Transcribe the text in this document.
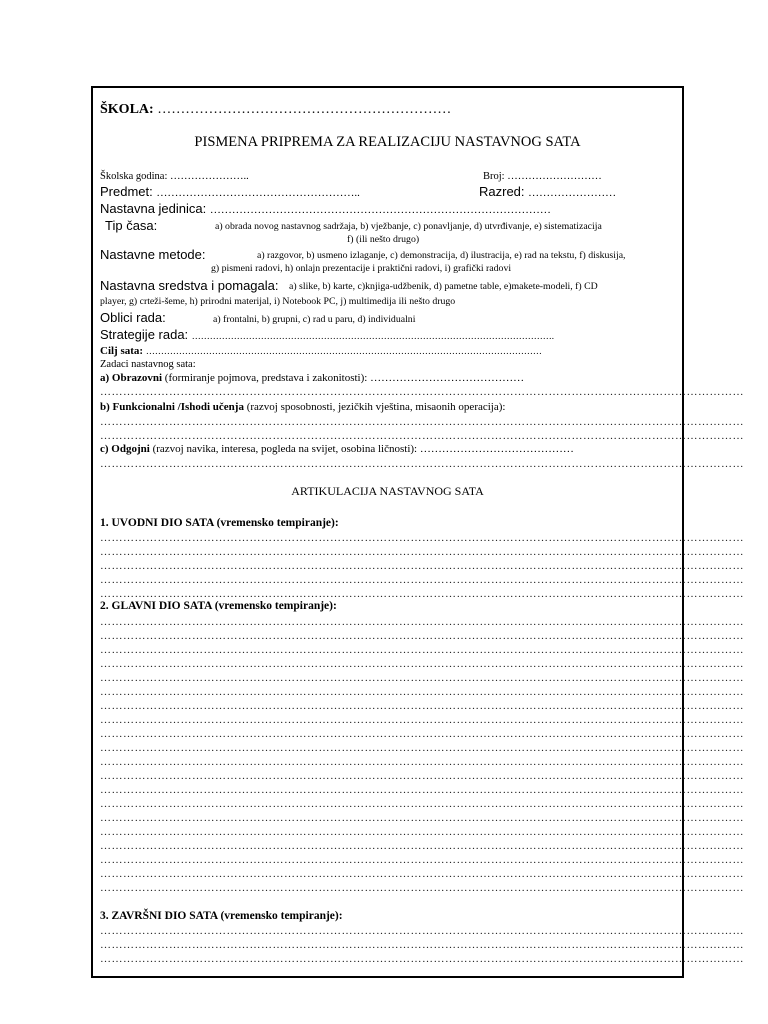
ŠKOLA: ………………………………………………………
PISMENA PRIPREMA ZA REALIZACIJU NASTAVNOG SATA
Školska godina: …………………..	Broj: ………………………
Predmet: ………………………………………………..	Razred: ……………………
Nastavna jedinica: …………………………………………………………………………………
Tip časa:	a) obrada novog nastavnog sadržaja, b) vježbanje, c) ponavljanje, d) utvrđivanje, e) sistematizacija
f) (ili nešto drugo)
Nastavne metode:	a) razgovor, b) usmeno izlaganje, c) demonstracija, d) ilustracija, e) rad na tekstu, f) diskusija,
g) pismeni radovi, h) onlajn prezentacije i praktični radovi, i) grafički radovi
Nastavna sredstva i pomagala: a) slike, b) karte, c)knjiga-udžbenik, d) pametne table, e)makete-modeli, f) CD
player, g) crteži-šeme, h) prirodni materijal, i) Notebook PC, j) multimedija ili nešto drugo
Oblici rada:	a) frontalni, b) grupni, c) rad u paru, d) individualni
Strategije rada: ………………………………………………………………………………………………………….
Cilj sata: ……………………………………………………………………………………………………………………
Zadaci nastavnog sata:
a) Obrazovni (formiranje pojmova, predstava i zakonitosti): ……………………………………
……………………………………………………………………………………………………………………………………………………
b) Funkcionalni /Ishodi učenja (razvoj sposobnosti, jezičkih vještina, misaonih operacija):
……………………………………………………………………………………………………………………………………………………
……………………………………………………………………………………………………………………………………………………
c) Odgojni (razvoj navika, interesa, pogleda na svijet, osobina ličnosti): ……………………………………
……………………………………………………………………………………………………………………………………………………
ARTIKULACIJA NASTAVNOG SATA
1. UVODNI DIO SATA (vremensko tempiranje):
……………………………………………………………………………………………………………………………………………………
……………………………………………………………………………………………………………………………………………………
……………………………………………………………………………………………………………………………………………………
……………………………………………………………………………………………………………………………………………………
……………………………………………………………………………………………………………………………………………………
2. GLAVNI DIO SATA (vremensko tempiranje):
……………………………………………………………………………………………………………………………………………………
……………………………………………………………………………………………………………………………………………………
……………………………………………………………………………………………………………………………………………………
……………………………………………………………………………………………………………………………………………………
……………………………………………………………………………………………………………………………………………………
……………………………………………………………………………………………………………………………………………………
……………………………………………………………………………………………………………………………………………………
……………………………………………………………………………………………………………………………………………………
……………………………………………………………………………………………………………………………………………………
……………………………………………………………………………………………………………………………………………………
……………………………………………………………………………………………………………………………………………………
……………………………………………………………………………………………………………………………………………………
……………………………………………………………………………………………………………………………………………………
……………………………………………………………………………………………………………………………………………………
……………………………………………………………………………………………………………………………………………………
……………………………………………………………………………………………………………………………………………………
……………………………………………………………………………………………………………………………………………………
……………………………………………………………………………………………………………………………………………………
……………………………………………………………………………………………………………………………………………………
……………………………………………………………………………………………………………………………………………………
3. ZAVRŠNI DIO SATA (vremensko tempiranje):
……………………………………………………………………………………………………………………………………………………
……………………………………………………………………………………………………………………………………………………
……………………………………………………………………………………………………………………………………………………
